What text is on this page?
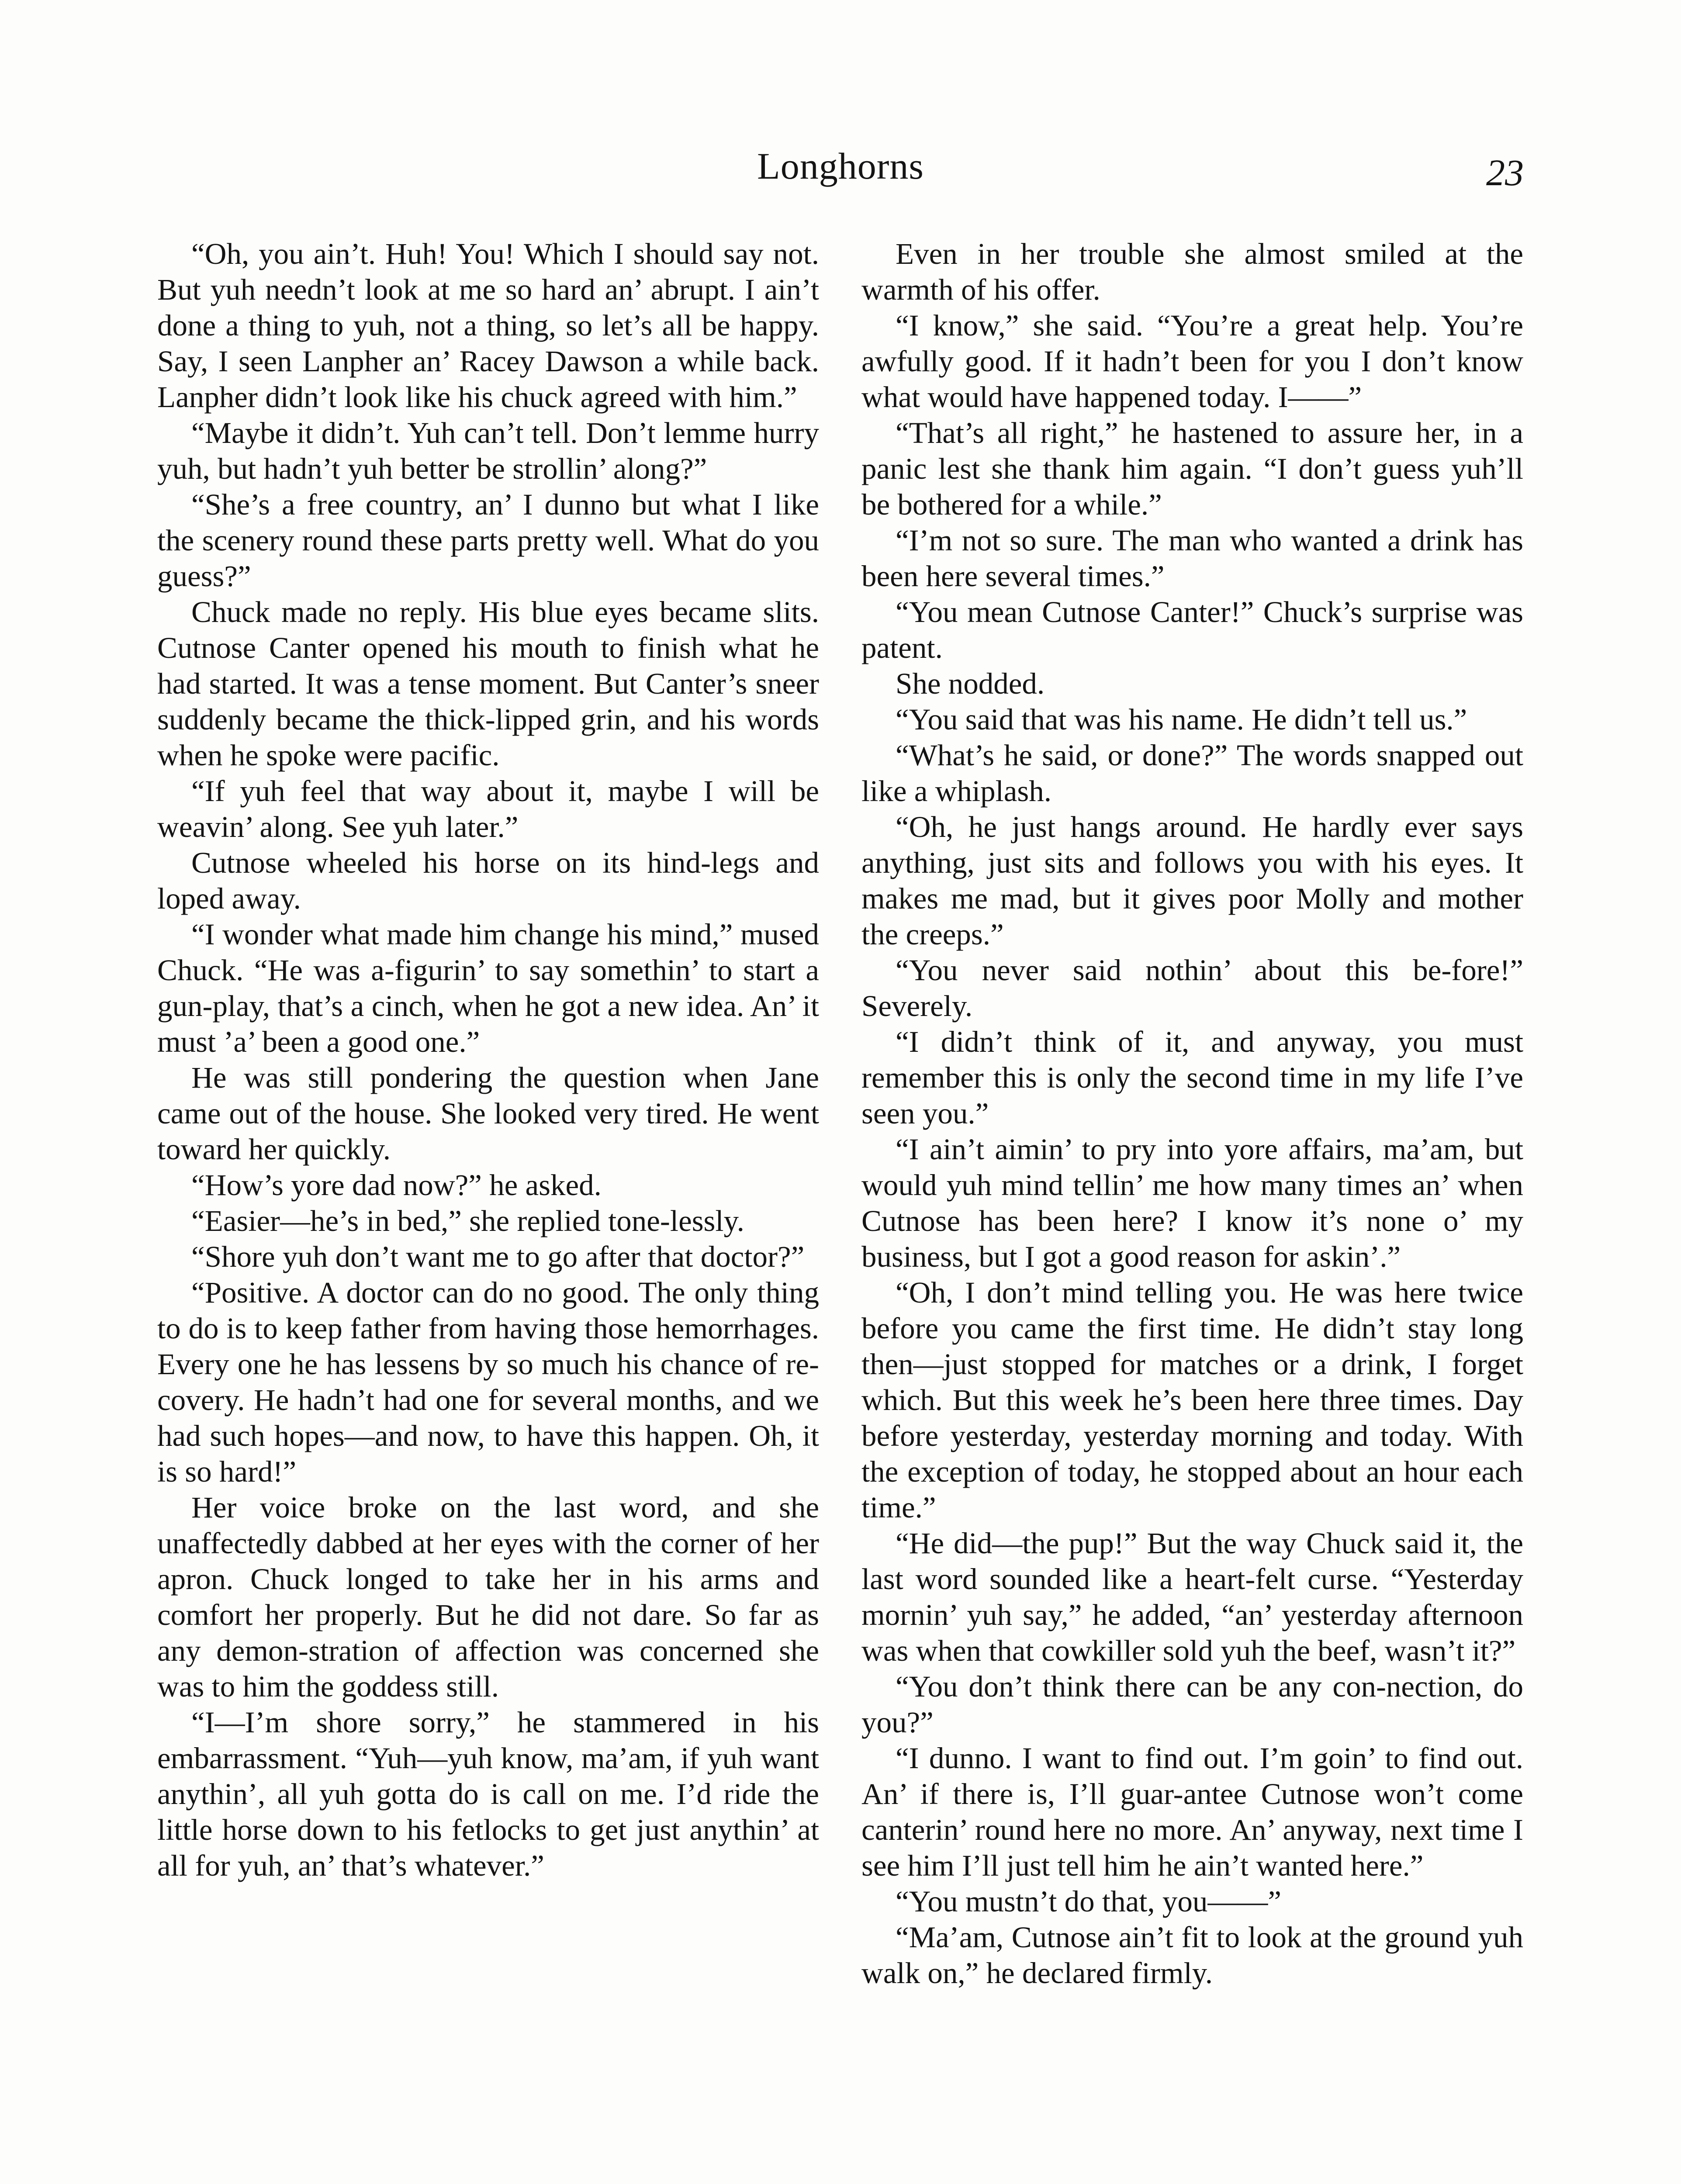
Longhorns	23

“Oh, you ain’t. Huh! You! Which I should say not. But yuh needn’t look at me so hard an’ abrupt. I ain’t done a thing to yuh, not a thing, so let’s all be happy. Say, I seen Lanpher an’ Racey Dawson a while back. Lanpher didn’t look like his chuck agreed with him.”

“Maybe it didn’t. Yuh can’t tell. Don’t lemme hurry yuh, but hadn’t yuh better be strollin’ along?”

“She’s a free country, an’ I dunno but what I like the scenery round these parts pretty well. What do you guess?”

Chuck made no reply. His blue eyes became slits. Cutnose Canter opened his mouth to finish what he had started. It was a tense moment. But Canter’s sneer suddenly became the thick-lipped grin, and his words when he spoke were pacific.

“If yuh feel that way about it, maybe I will be weavin’ along. See yuh later.”

Cutnose wheeled his horse on its hind-legs and loped away.

“I wonder what made him change his mind,” mused Chuck. “He was a-figurin’ to say somethin’ to start a gun-play, that’s a cinch, when he got a new idea. An’ it must ’a’ been a good one.”

He was still pondering the question when Jane came out of the house. She looked very tired. He went toward her quickly.

“How’s yore dad now?” he asked.

“Easier—he’s in bed,” she replied tone-lessly.

“Shore yuh don’t want me to go after that doctor?”

“Positive. A doctor can do no good. The only thing to do is to keep father from having those hemorrhages. Every one he has lessens by so much his chance of re-covery. He hadn’t had one for several months, and we had such hopes—and now, to have this happen. Oh, it is so hard!”

Her voice broke on the last word, and she unaffectedly dabbed at her eyes with the corner of her apron. Chuck longed to take her in his arms and comfort her properly. But he did not dare. So far as any demon-stration of affection was concerned she was to him the goddess still.

“I—I’m shore sorry,” he stammered in his embarrassment. “Yuh—yuh know, ma’am, if yuh want anythin’, all yuh gotta do is call on me. I’d ride the little horse down to his fetlocks to get just anythin’ at all for yuh, an’ that’s whatever.”

Even in her trouble she almost smiled at the warmth of his offer.

“I know,” she said. “You’re a great help. You’re awfully good. If it hadn’t been for you I don’t know what would have happened today. I——”

“That’s all right,” he hastened to assure her, in a panic lest she thank him again. “I don’t guess yuh’ll be bothered for a while.”

“I’m not so sure. The man who wanted a drink has been here several times.”

“You mean Cutnose Canter!” Chuck’s surprise was patent.

She nodded.

“You said that was his name. He didn’t tell us.”

“What’s he said, or done?” The words snapped out like a whiplash.

“Oh, he just hangs around. He hardly ever says anything, just sits and follows you with his eyes. It makes me mad, but it gives poor Molly and mother the creeps.”

“You never said nothin’ about this be-fore!” Severely.

“I didn’t think of it, and anyway, you must remember this is only the second time in my life I’ve seen you.”

“I ain’t aimin’ to pry into yore affairs, ma’am, but would yuh mind tellin’ me how many times an’ when Cutnose has been here? I know it’s none o’ my business, but I got a good reason for askin’.”

“Oh, I don’t mind telling you. He was here twice before you came the first time. He didn’t stay long then—just stopped for matches or a drink, I forget which. But this week he’s been here three times. Day before yesterday, yesterday morning and today. With the exception of today, he stopped about an hour each time.”

“He did—the pup!” But the way Chuck said it, the last word sounded like a heart-felt curse. “Yesterday mornin’ yuh say,” he added, “an’ yesterday afternoon was when that cowkiller sold yuh the beef, wasn’t it?”

“You don’t think there can be any con-nection, do you?”

“I dunno. I want to find out. I’m goin’ to find out. An’ if there is, I’ll guar-antee Cutnose won’t come canterin’ round here no more. An’ anyway, next time I see him I’ll just tell him he ain’t wanted here.”

“You mustn’t do that, you——”

“Ma’am, Cutnose ain’t fit to look at the ground yuh walk on,” he declared firmly.
